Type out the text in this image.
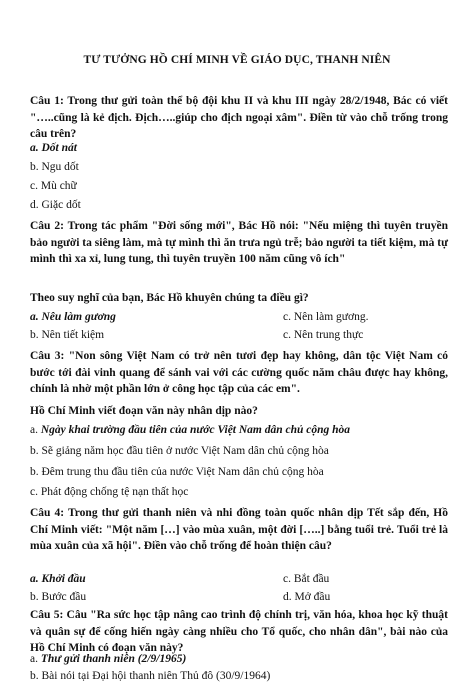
TƯ TƯỞNG HỒ CHÍ MINH VỀ GIÁO DỤC, THANH NIÊN
Câu 1: Trong thư gửi toàn thể bộ đội khu II và khu III ngày 28/2/1948, Bác có viết "…..cũng là kẻ địch. Địch…..giúp cho địch ngoại xâm". Điền từ vào chỗ trống trong câu trên?
a. Dốt nát
b. Ngu dốt
c. Mù chữ
d. Giặc dốt
Câu 2: Trong tác phẩm "Đời sống mới", Bác Hồ nói: "Nếu miệng thì tuyên truyền bảo người ta siêng làm, mà tự mình thì ăn trưa ngủ trễ; bảo người ta tiết kiệm, mà tự mình thì xa xỉ, lung tung, thì tuyên truyền 100 năm cũng vô ích"
Theo suy nghĩ của bạn, Bác Hồ khuyên chúng ta điều gì?
a. Nêu làm gương	c. Nên làm gương.
b. Nên tiết kiệm	c. Nên trung thực
Câu 3: "Non sông Việt Nam có trở nên tươi đẹp hay không, dân tộc Việt Nam có bước tới đài vinh quang để sánh vai với các cường quốc năm châu được hay không, chính là nhờ một phần lớn ở công học tập của các em".
Hồ Chí Minh viết đoạn văn này nhân dịp nào?
a. Ngày khai trường đầu tiên của nước Việt Nam dân chủ cộng hòa
b. Sẽ giảng năm học đầu tiên ở nước Việt Nam dân chủ cộng hòa
b. Đêm trung thu đầu tiên của nước Việt Nam dân chủ cộng hòa
c. Phát động chống tệ nạn thất học
Câu 4: Trong thư gửi thanh niên và nhi đồng toàn quốc nhân dịp Tết sắp đến, Hồ Chí Minh viết: "Một năm […] vào mùa xuân, một đời […..] bằng tuổi trẻ. Tuổi trẻ là mùa xuân của xã hội". Điền vào chỗ trống để hoàn thiện câu?
a. Khởi đầu	c. Bắt đầu
b. Bước đầu	d. Mở đầu
Câu 5: Câu "Ra sức học tập nâng cao trình độ chính trị, văn hóa, khoa học kỹ thuật và quân sự để cống hiến ngày càng nhiều cho Tổ quốc, cho nhân dân", bài nào của Hồ Chí Minh có đoạn văn này?
a. Thư gửi thanh niên (2/9/1965)
b. Bài nói tại Đại hội thanh niên Thủ đô (30/9/1964)
